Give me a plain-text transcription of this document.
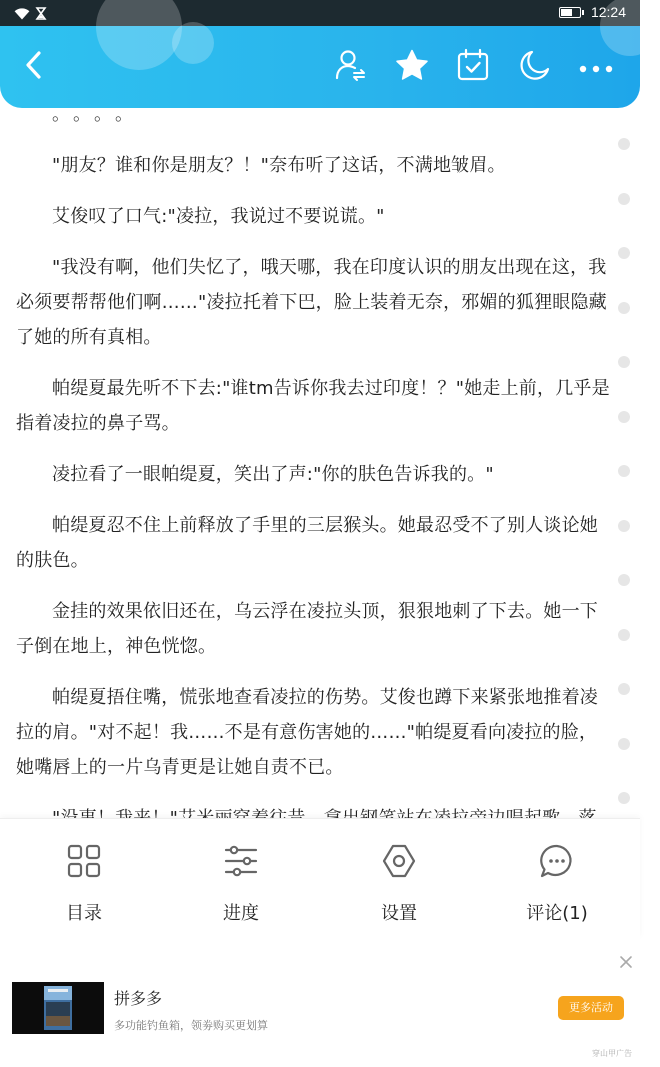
12:24
。。。。

"朋友？谁和你是朋友？！"奈布听了这话，不满地皱眉。

艾俊叹了口气:"凌拉，我说过不要说谎。"

"我没有啊，他们失忆了，哦天哪，我在印度认识的朋友出现在这，我必须要帮帮他们啊……"凌拉托着下巴，脸上装着无奈，邪媚的狐狸眼隐藏了她的所有真相。

帕缇夏最先听不下去:"谁tm告诉你我去过印度！？"她走上前，几乎是指着凌拉的鼻子骂。

凌拉看了一眼帕缇夏，笑出了声:"你的肤色告诉我的。"

帕缇夏忍不住上前释放了手里的三层猴头。她最忍受不了别人谈论她的肤色。

金挂的效果依旧还在，乌云浮在凌拉头顶，狠狠地刺了下去。她一下子倒在地上，神色恍惚。

帕缇夏捂住嘴，慌张地查看凌拉的伤势。艾俊也蹲下来紧张地推着凌拉的肩。"对不起！我……不是有意伤害她的……"帕缇夏看向凌拉的脸，她嘴唇上的一片乌青更是让她自责不已。

目录	进度	设置	评论(1)
拼多多
多功能钓鱼箱，领劵购买更划算
更多活动
穿山甲广告
